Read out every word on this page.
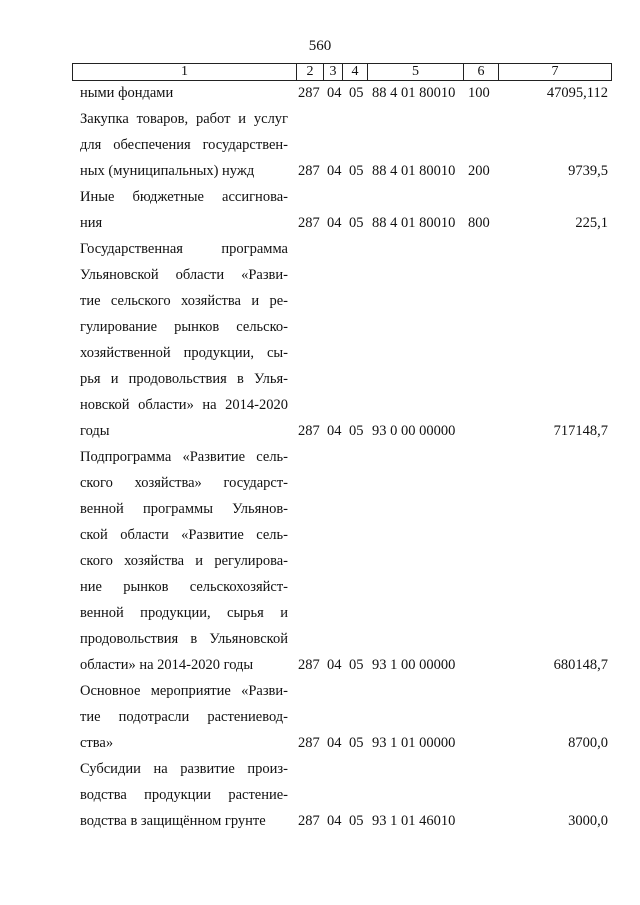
560
1	2	3	4	5	6	7
ными фондами	287 04 05 88 4 01 80010 100	47095,112
Закупка товаров, работ и услуг
для обеспечения государствен-
ных (муниципальных) нужд	287 04 05 88 4 01 80010 200	9739,5
Иные бюджетные ассигнова-
ния	287 04 05 88 4 01 80010 800	225,1
Государственная программа
Ульяновской области «Разви-
тие сельского хозяйства и ре-
гулирование рынков сельско-
хозяйственной продукции, сы-
рья и продовольствия в Улья-
новской области» на 2014-2020
годы	287 04 05 93 0 00 00000	717148,7
Подпрограмма «Развитие сель-
ского хозяйства» государст-
венной программы Ульянов-
ской области «Развитие сель-
ского хозяйства и регулирова-
ние рынков сельскохозяйст-
венной продукции, сырья и
продовольствия в Ульяновской
области» на 2014-2020 годы	287 04 05 93 1 00 00000	680148,7
Основное мероприятие «Разви-
тие подотрасли растениевод-
ства»	287 04 05 93 1 01 00000	8700,0
Субсидии на развитие произ-
водства продукции растение-
водства в защищённом грунте	287 04 05 93 1 01 46010	3000,0
